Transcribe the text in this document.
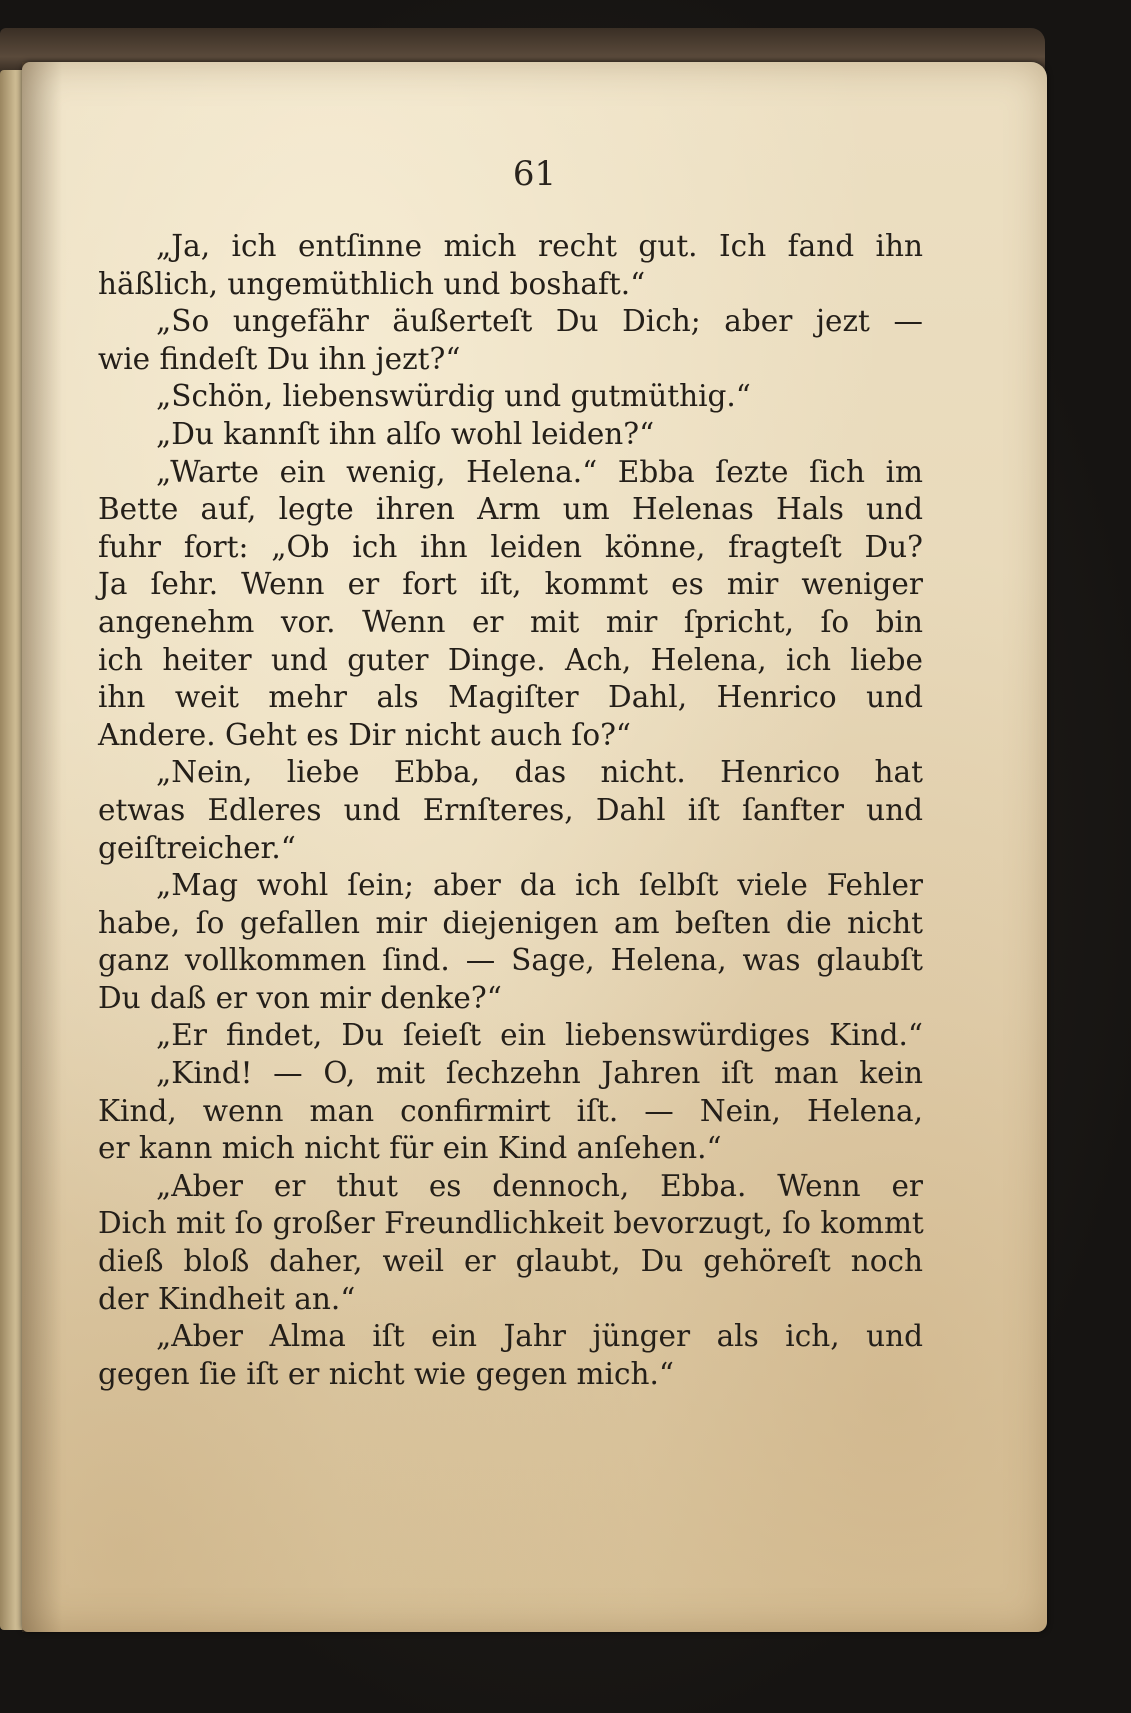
61
„Ja, ich entſinne mich recht gut. Ich fand ihn
häßlich, ungemüthlich und boshaft.“
„So ungefähr äußerteſt Du Dich; aber jezt —
wie findeſt Du ihn jezt?“
„Schön, liebenswürdig und gutmüthig.“
„Du kannſt ihn alſo wohl leiden?“
„Warte ein wenig, Helena.“ Ebba ſezte ſich im
Bette auf, legte ihren Arm um Helenas Hals und
fuhr fort: „Ob ich ihn leiden könne, fragteſt Du?
Ja ſehr. Wenn er fort iſt, kommt es mir weniger
angenehm vor. Wenn er mit mir ſpricht, ſo bin
ich heiter und guter Dinge. Ach, Helena, ich liebe
ihn weit mehr als Magiſter Dahl, Henrico und
Andere. Geht es Dir nicht auch ſo?“
„Nein, liebe Ebba, das nicht. Henrico hat
etwas Edleres und Ernſteres, Dahl iſt ſanfter und
geiſtreicher.“
„Mag wohl ſein; aber da ich ſelbſt viele Fehler
habe, ſo gefallen mir diejenigen am beſten die nicht
ganz vollkommen ſind. — Sage, Helena, was glaubſt
Du daß er von mir denke?“
„Er findet, Du ſeieſt ein liebenswürdiges Kind.“
„Kind! — O, mit ſechzehn Jahren iſt man kein
Kind, wenn man confirmirt iſt. — Nein, Helena,
er kann mich nicht für ein Kind anſehen.“
„Aber er thut es dennoch, Ebba. Wenn er
Dich mit ſo großer Freundlichkeit bevorzugt, ſo kommt
dieß bloß daher, weil er glaubt, Du gehöreſt noch
der Kindheit an.“
„Aber Alma iſt ein Jahr jünger als ich, und
gegen ſie iſt er nicht wie gegen mich.“
